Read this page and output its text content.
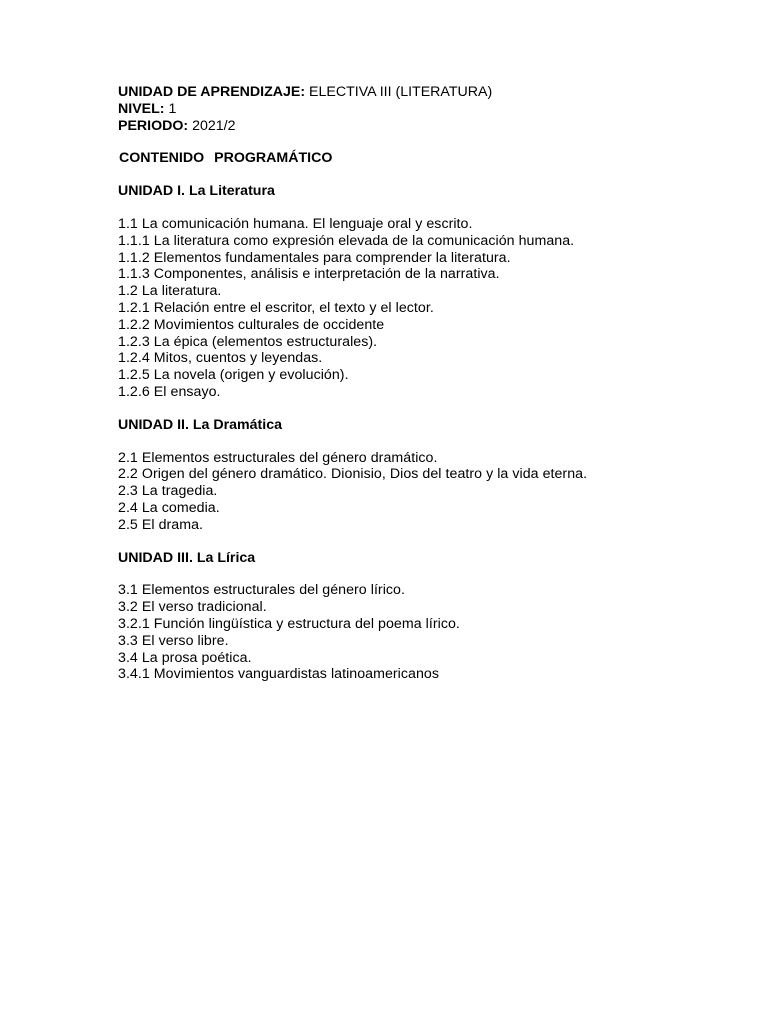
UNIDAD DE APRENDIZAJE: ELECTIVA III (LITERATURA)

NIVEL: 1

PERIODO: 2021/2

CONTENIDO PROGRAMÁTICO

UNIDAD I. La Literatura

1.1 La comunicación humana. El lenguaje oral y escrito.

1.1.1 La literatura como expresión elevada de la comunicación humana.

1.1.2 Elementos fundamentales para comprender la literatura.

1.1.3 Componentes, análisis e interpretación de la narrativa.

1.2 La literatura.

1.2.1 Relación entre el escritor, el texto y el lector.

1.2.2 Movimientos culturales de occidente

1.2.3 La épica (elementos estructurales).

1.2.4 Mitos, cuentos y leyendas.

1.2.5 La novela (origen y evolución).

1.2.6 El ensayo.

UNIDAD II. La Dramática

2.1 Elementos estructurales del género dramático.

2.2 Origen del género dramático. Dionisio, Dios del teatro y la vida eterna.

2.3 La tragedia.

2.4 La comedia.

2.5 El drama.

UNIDAD III. La Lírica

3.1 Elementos estructurales del género lírico.

3.2 El verso tradicional.

3.2.1 Función lingüística y estructura del poema lírico.

3.3 El verso libre.

3.4 La prosa poética.

3.4.1 Movimientos vanguardistas latinoamericanos
